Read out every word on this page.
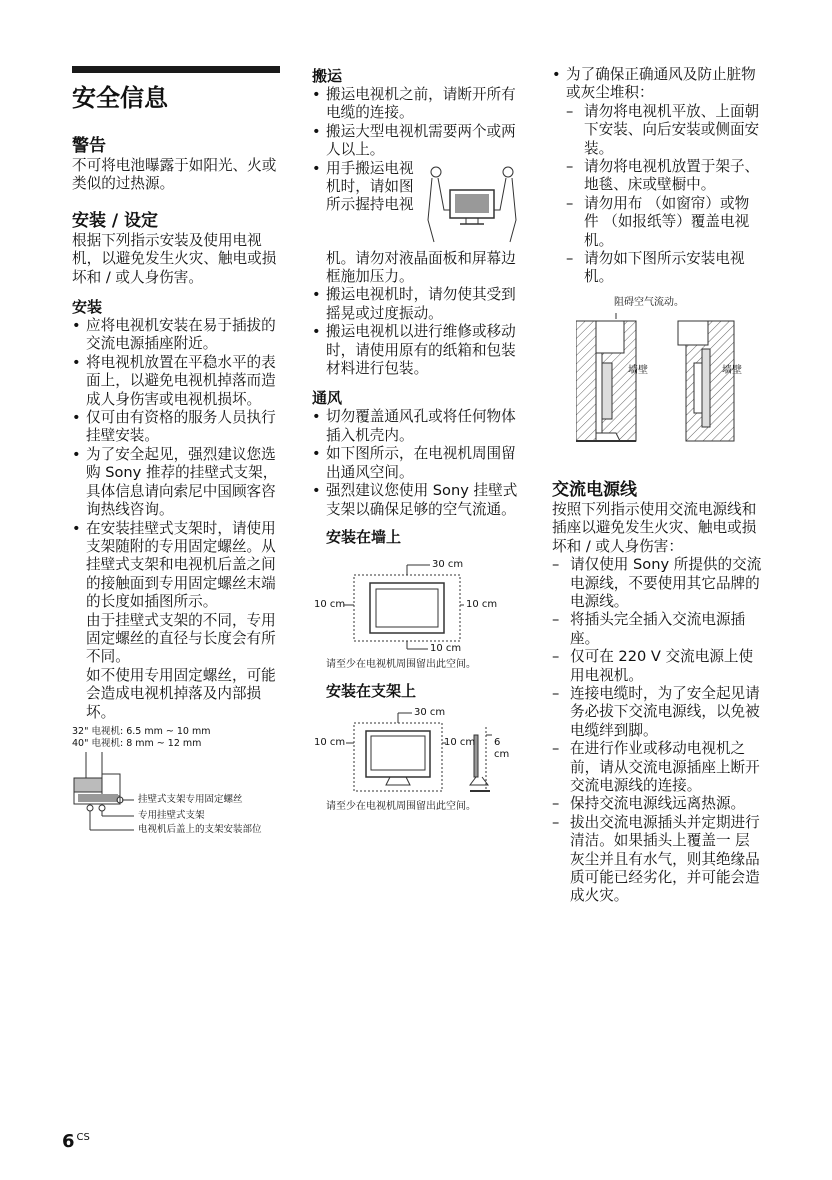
安全信息
警告

不可将电池曝露于如阳光、火或类似的过热源。

安装 / 设定

根据下列指示安装及使用电视机，以避免发生火灾、触电或损坏和 / 或人身伤害。

安装
• 应将电视机安装在易于插拔的交流电源插座附近。
• 将电视机放置在平稳水平的表面上，以避免电视机掉落而造成人身伤害或电视机损坏。
• 仅可由有资格的服务人员执行挂壁安装。
• 为了安全起见，强烈建议您选购 Sony 推荐的挂壁式支架，具体信息请向索尼中国顾客咨询热线咨询。
• 在安装挂壁式支架时，请使用支架随附的专用固定螺丝。从挂壁式支架和电视机后盖之间的接触面到专用固定螺丝末端的长度如插图所示。
由于挂壁式支架的不同，专用固定螺丝的直径与长度会有所不同。
如不使用专用固定螺丝，可能会造成电视机掉落及内部损坏。
32" 电视机: 6.5 mm ~ 10 mm
40" 电视机: 8 mm ~ 12 mm
挂壁式支架专用固定螺丝
专用挂壁式支架
电视机后盖上的支架安装部位
搬运
• 搬运电视机之前，请断开所有电缆的连接。
• 搬运大型电视机需要两个或两人以上。
• 用手搬运电视机时，请如图所示握持电视
机。请勿对液晶面板和屏幕边框施加压力。
• 搬运电视机时，请勿使其受到摇晃或过度振动。
• 搬运电视机以进行维修或移动时，请使用原有的纸箱和包装材料进行包装。
通风
• 切勿覆盖通风孔或将任何物体插入机壳内。
• 如下图所示，在电视机周围留出通风空间。
• 强烈建议您使用 Sony 挂壁式支架以确保足够的空气流通。
安装在墙上
30 cm
10 cm	10 cm
10 cm
请至少在电视机周围留出此空间。
安装在支架上
30 cm
10 cm	10 cm 6 cm
请至少在电视机周围留出此空间。
• 为了确保正确通风及防止脏物或灰尘堆积：
– 请勿将电视机平放、上面朝下安装、向后安装或侧面安装。
– 请勿将电视机放置于架子、地毯、床或壁橱中。
– 请勿用布 （如窗帘）或物件 （如报纸等）覆盖电视机。
– 请勿如下图所示安装电视机。
阻碍空气流动。
墙壁	墙壁
交流电源线

按照下列指示使用交流电源线和插座以避免发生火灾、触电或损坏和 / 或人身伤害：

– 请仅使用 Sony 所提供的交流电源线，不要使用其它品牌的电源线。
– 将插头完全插入交流电源插座。
– 仅可在 220 V 交流电源上使用电视机。
– 连接电缆时，为了安全起见请务必拔下交流电源线，以免被电缆绊到脚。
– 在进行作业或移动电视机之前，请从交流电源插座上断开交流电源线的连接。
– 保持交流电源线远离热源。
– 拔出交流电源插头并定期进行清洁。如果插头上覆盖一 层灰尘并且有水气，则其绝缘品质可能已经劣化，并可能会造成火灾。
6 $^{CS}$
